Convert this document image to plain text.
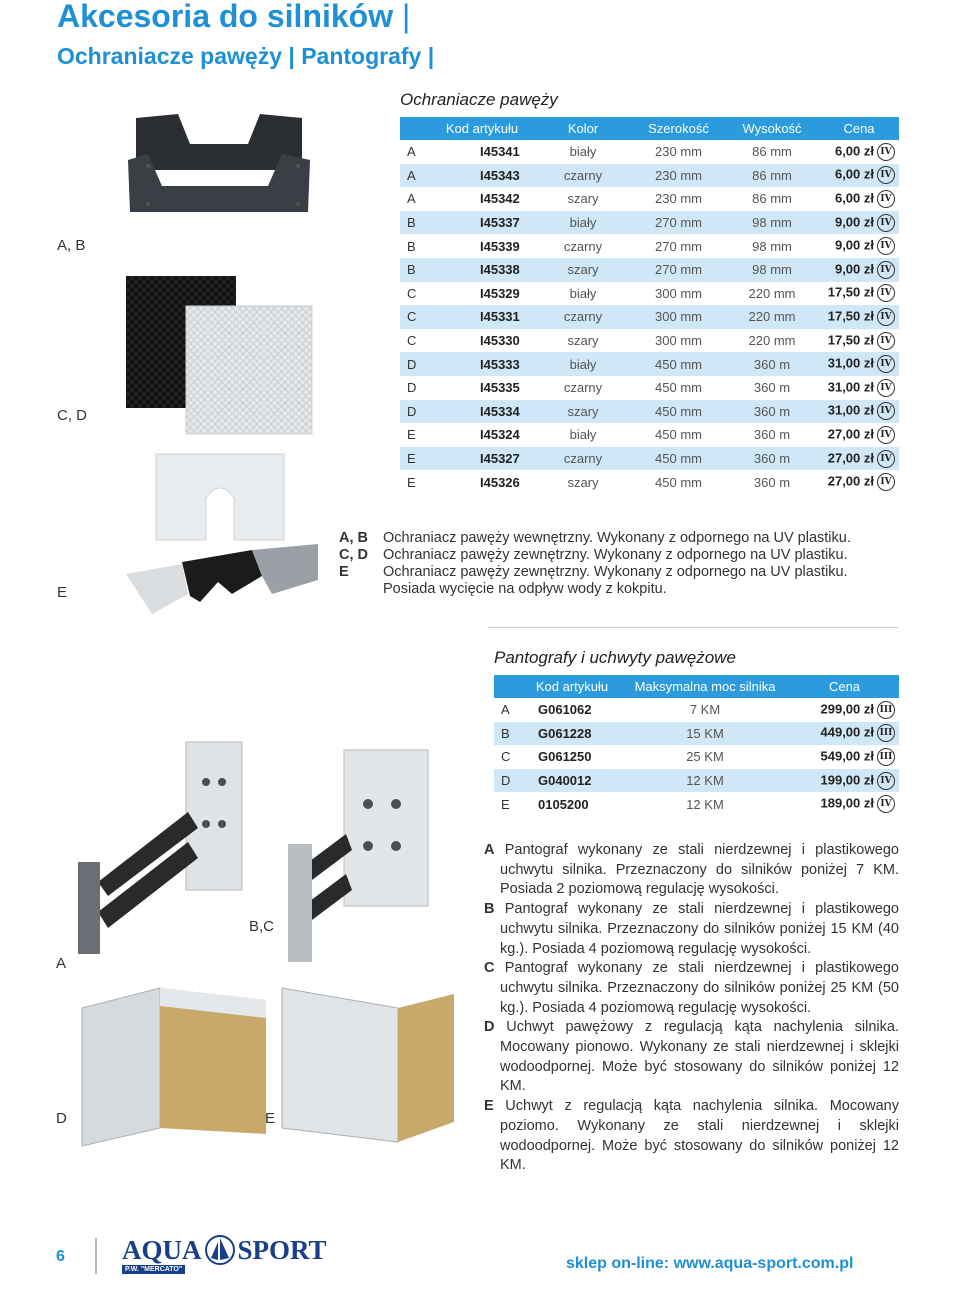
Akcesoria do silników |
Ochraniacze pawęży | Pantografy |
Ochraniacze pawęży
	Kod artykułu	Kolor	Szerokość	Wysokość	Cena
A	I45341	biały	230 mm	86 mm	6,00 zł IV
A	I45343	czarny	230 mm	86 mm	6,00 zł IV
A	I45342	szary	230 mm	86 mm	6,00 zł IV
B	I45337	biały	270 mm	98 mm	9,00 zł IV
B	I45339	czarny	270 mm	98 mm	9,00 zł IV
B	I45338	szary	270 mm	98 mm	9,00 zł IV
C	I45329	biały	300 mm	220 mm	17,50 zł IV
C	I45331	czarny	300 mm	220 mm	17,50 zł IV
C	I45330	szary	300 mm	220 mm	17,50 zł IV
D	I45333	biały	450 mm	360 m	31,00 zł IV
D	I45335	czarny	450 mm	360 m	31,00 zł IV
D	I45334	szary	450 mm	360 m	31,00 zł IV
E	I45324	biały	450 mm	360 m	27,00 zł IV
E	I45327	czarny	450 mm	360 m	27,00 zł IV
E	I45326	szary	450 mm	360 m	27,00 zł IV
A, B
C, D
E
A, B	Ochraniacz pawęży wewnętrzny. Wykonany z odpornego na UV plastiku.
C, D	Ochraniacz pawęży zewnętrzny. Wykonany z odpornego na UV plastiku.
E	Ochraniacz pawęży zewnętrzny. Wykonany z odpornego na UV plastiku.
Posiada wycięcie na odpływ wody z kokpitu.
Pantografy i uchwyty pawężowe
	Kod artykułu	Maksymalna moc silnika	Cena
A	G061062	7 KM	299,00 zł III
B	G061228	15 KM	449,00 zł III
C	G061250	25 KM	549,00 zł III
D	G040012	12 KM	199,00 zł IV
E	0105200	12 KM	189,00 zł IV
A
B,C
D	E

A Pantograf wykonany ze stali nierdzewnej i plastikowego uchwytu silnika. Przeznaczony do silników poniżej 7 KM. Posiada 2 poziomową regulację wysokości.

B Pantograf wykonany ze stali nierdzewnej i plastikowego uchwytu silnika. Przeznaczony do silników poniżej 15 KM (40 kg.). Posiada 4 poziomową regulację wysokości.

C Pantograf wykonany ze stali nierdzewnej i plastikowego uchwytu silnika. Przeznaczony do silników poniżej 25 KM (50 kg.). Posiada 4 poziomową regulację wysokości.

D Uchwyt pawężowy z regulacją kąta nachylenia silnika. Mocowany pionowo. Wykonany ze stali nierdzewnej i sklejki wodoodpornej. Może być stosowany do silników poniżej 12 KM.

E Uchwyt z regulacją kąta nachylenia silnika. Mocowany poziomo. Wykonany ze stali nierdzewnej i sklejki wodoodpornej. Może być stosowany do silników poniżej 12 KM.

6 AQUA SPORT
P.W. "MERCATO"	sklep on-line: www.aqua-sport.com.pl
